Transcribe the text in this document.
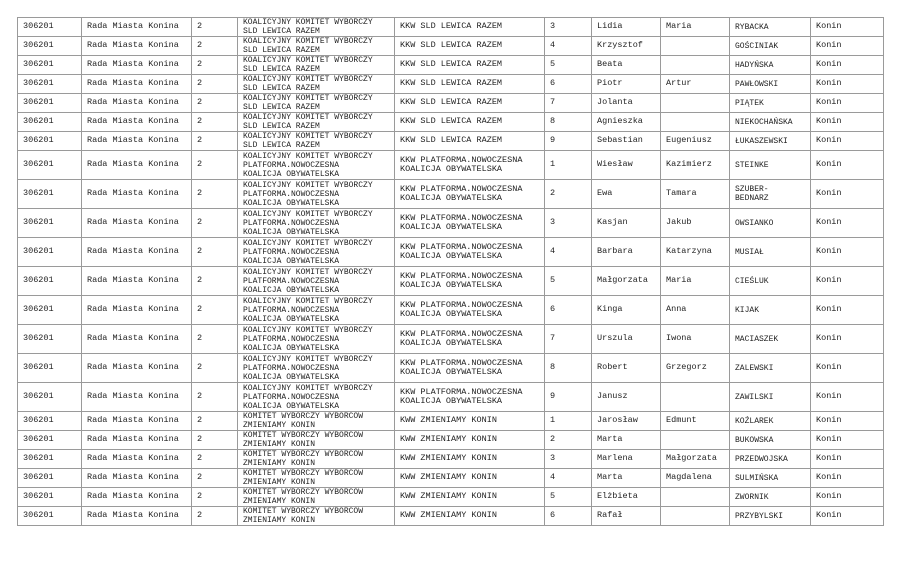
306201	Rada Miasta Konina	2	KOALICYJNY KOMITET WYBORCZY
SLD LEWICA RAZEM	KKW SLD LEWICA RAZEM	3	Lidia	Maria	RYBACKA	Konin
306201	Rada Miasta Konina	2	KOALICYJNY KOMITET WYBORCZY
SLD LEWICA RAZEM	KKW SLD LEWICA RAZEM	4	Krzysztof		GOŚCINIAK	Konin
306201	Rada Miasta Konina	2	KOALICYJNY KOMITET WYBORCZY
SLD LEWICA RAZEM	KKW SLD LEWICA RAZEM	5	Beata		HADYŃSKA	Konin
306201	Rada Miasta Konina	2	KOALICYJNY KOMITET WYBORCZY
SLD LEWICA RAZEM	KKW SLD LEWICA RAZEM	6	Piotr	Artur	PAWŁOWSKI	Konin
306201	Rada Miasta Konina	2	KOALICYJNY KOMITET WYBORCZY
SLD LEWICA RAZEM	KKW SLD LEWICA RAZEM	7	Jolanta		PIĄTEK	Konin
306201	Rada Miasta Konina	2	KOALICYJNY KOMITET WYBORCZY
SLD LEWICA RAZEM	KKW SLD LEWICA RAZEM	8	Agnieszka		NIEKOCHAŃSKA	Konin
306201	Rada Miasta Konina	2	KOALICYJNY KOMITET WYBORCZY
SLD LEWICA RAZEM	KKW SLD LEWICA RAZEM	9	Sebastian	Eugeniusz	ŁUKASZEWSKI	Konin
306201	Rada Miasta Konina	2	KOALICYJNY KOMITET WYBORCZY
PLATFORMA.NOWOCZESNA
KOALICJA OBYWATELSKA	KKW PLATFORMA.NOWOCZESNA
KOALICJA OBYWATELSKA	1	Wiesław	Kazimierz	STEINKE	Konin
306201	Rada Miasta Konina	2	KOALICYJNY KOMITET WYBORCZY
PLATFORMA.NOWOCZESNA
KOALICJA OBYWATELSKA	KKW PLATFORMA.NOWOCZESNA
KOALICJA OBYWATELSKA	2	Ewa	Tamara	SZUBER-
BEDNARZ	Konin
306201	Rada Miasta Konina	2	KOALICYJNY KOMITET WYBORCZY
PLATFORMA.NOWOCZESNA
KOALICJA OBYWATELSKA	KKW PLATFORMA.NOWOCZESNA
KOALICJA OBYWATELSKA	3	Kasjan	Jakub	OWSIANKO	Konin
306201	Rada Miasta Konina	2	KOALICYJNY KOMITET WYBORCZY
PLATFORMA.NOWOCZESNA
KOALICJA OBYWATELSKA	KKW PLATFORMA.NOWOCZESNA
KOALICJA OBYWATELSKA	4	Barbara	Katarzyna	MUSIAŁ	Konin
306201	Rada Miasta Konina	2	KOALICYJNY KOMITET WYBORCZY
PLATFORMA.NOWOCZESNA
KOALICJA OBYWATELSKA	KKW PLATFORMA.NOWOCZESNA
KOALICJA OBYWATELSKA	5	Małgorzata	Maria	CIEŚLUK	Konin
306201	Rada Miasta Konina	2	KOALICYJNY KOMITET WYBORCZY
PLATFORMA.NOWOCZESNA
KOALICJA OBYWATELSKA	KKW PLATFORMA.NOWOCZESNA
KOALICJA OBYWATELSKA	6	Kinga	Anna	KIJAK	Konin
306201	Rada Miasta Konina	2	KOALICYJNY KOMITET WYBORCZY
PLATFORMA.NOWOCZESNA
KOALICJA OBYWATELSKA	KKW PLATFORMA.NOWOCZESNA
KOALICJA OBYWATELSKA	7	Urszula	Iwona	MACIASZEK	Konin
306201	Rada Miasta Konina	2	KOALICYJNY KOMITET WYBORCZY
PLATFORMA.NOWOCZESNA
KOALICJA OBYWATELSKA	KKW PLATFORMA.NOWOCZESNA
KOALICJA OBYWATELSKA	8	Robert	Grzegorz	ZALEWSKI	Konin
306201	Rada Miasta Konina	2	KOALICYJNY KOMITET WYBORCZY
PLATFORMA.NOWOCZESNA
KOALICJA OBYWATELSKA	KKW PLATFORMA.NOWOCZESNA
KOALICJA OBYWATELSKA	9	Janusz		ZAWILSKI	Konin
306201	Rada Miasta Konina	2	KOMITET WYBORCZY WYBORCÓW
ZMIENIAMY KONIN	KWW ZMIENIAMY KONIN	1	Jarosław	Edmunt	KOŹLAREK	Konin
306201	Rada Miasta Konina	2	KOMITET WYBORCZY WYBORCÓW
ZMIENIAMY KONIN	KWW ZMIENIAMY KONIN	2	Marta		BUKOWSKA	Konin
306201	Rada Miasta Konina	2	KOMITET WYBORCZY WYBORCÓW
ZMIENIAMY KONIN	KWW ZMIENIAMY KONIN	3	Marlena	Małgorzata	PRZEDWOJSKA	Konin
306201	Rada Miasta Konina	2	KOMITET WYBORCZY WYBORCÓW
ZMIENIAMY KONIN	KWW ZMIENIAMY KONIN	4	Marta	Magdalena	SULMIŃSKA	Konin
306201	Rada Miasta Konina	2	KOMITET WYBORCZY WYBORCÓW
ZMIENIAMY KONIN	KWW ZMIENIAMY KONIN	5	Elżbieta		ZWORNIK	Konin
306201	Rada Miasta Konina	2	KOMITET WYBORCZY WYBORCÓW
ZMIENIAMY KONIN	KWW ZMIENIAMY KONIN	6	Rafał		PRZYBYLSKI	Konin
